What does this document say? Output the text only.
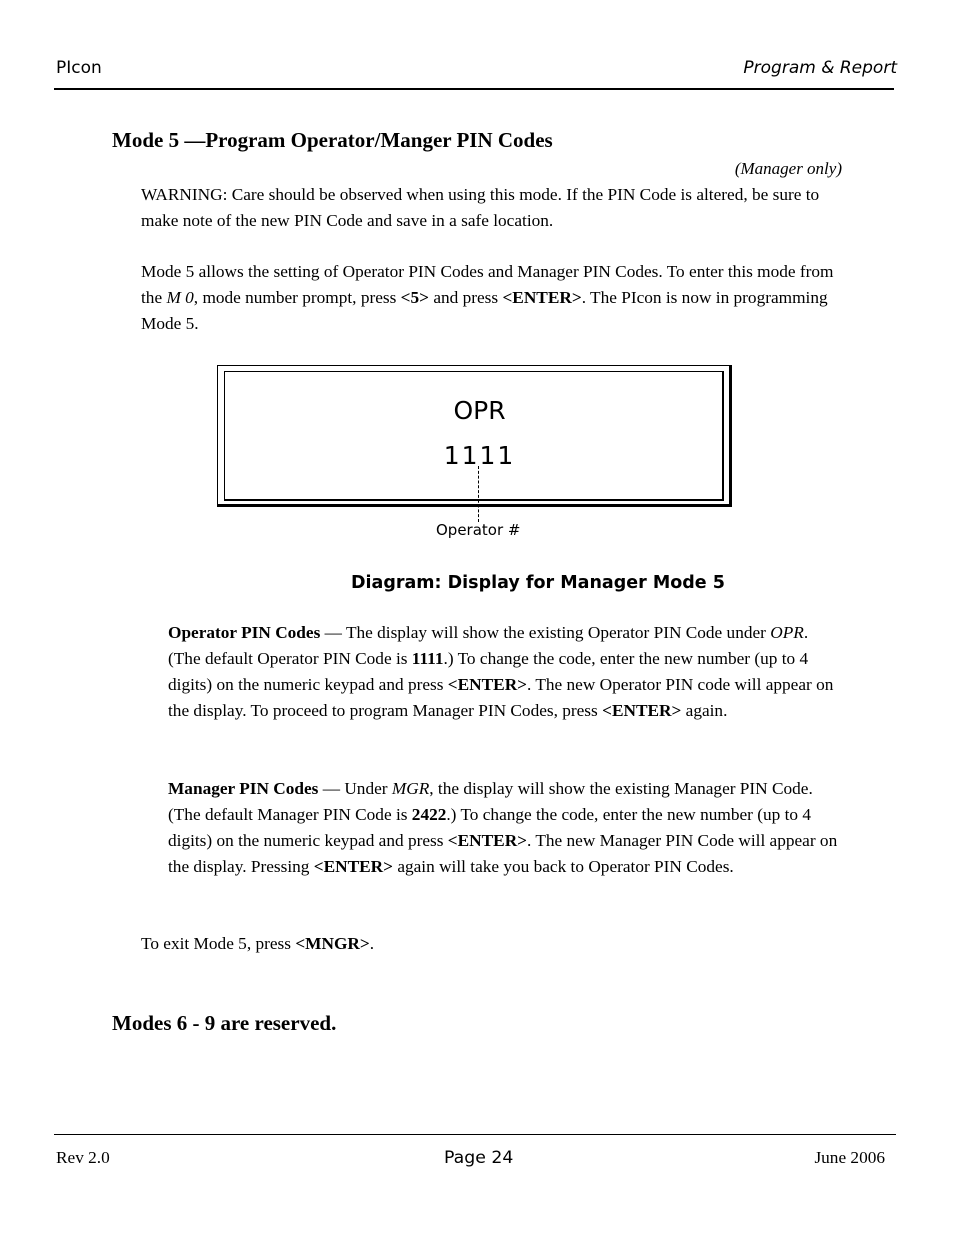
PIcon	Program & Report
Mode 5 —Program Operator/Manger PIN Codes
(Manager only)

WARNING: Care should be observed when using this mode. If the PIN Code is altered, be sure to make note of the new PIN Code and save in a safe location.

Mode 5 allows the setting of Operator PIN Codes and Manager PIN Codes. To enter this mode from the M 0, mode number prompt, press <5> and press <ENTER>. The PIcon is now in programming Mode 5.

OPR
1111
Operator #
Diagram: Display for Manager Mode 5

Operator PIN Codes — The display will show the existing Operator PIN Code under OPR. (The default Operator PIN Code is 1111.) To change the code, enter the new number (up to 4 digits) on the numeric keypad and press <ENTER>. The new Operator PIN code will appear on the display. To proceed to program Manager PIN Codes, press <ENTER> again.

Manager PIN Codes — Under MGR, the display will show the existing Manager PIN Code. (The default Manager PIN Code is 2422.) To change the code, enter the new number (up to 4 digits) on the numeric keypad and press <ENTER>. The new Manager PIN Code will appear on the display. Pressing <ENTER> again will take you back to Operator PIN Codes.

To exit Mode 5, press <MNGR>.

Modes 6 - 9 are reserved.
Rev 2.0	Page 24	June 2006
